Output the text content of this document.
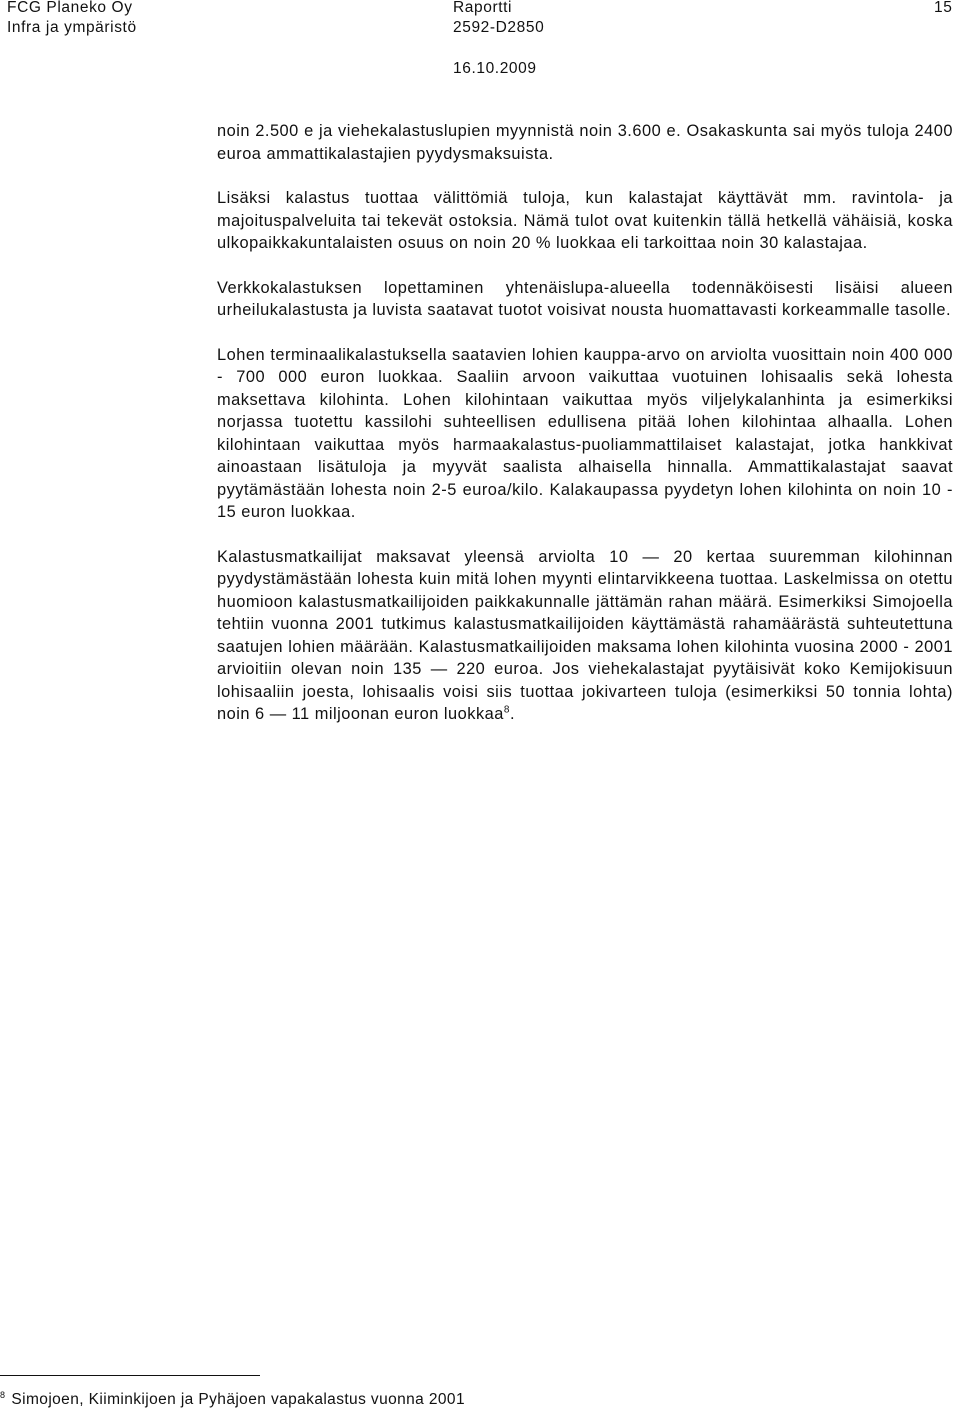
FCG Planeko Oy
Infra ja ympäristö
Raportti
2592-D2850
16.10.2009
15

noin 2.500 e ja viehekalastuslupien myynnistä noin 3.600 e. Osakaskunta sai myös tuloja 2400 euroa ammattikalastajien pyydysmaksuista.

Lisäksi kalastus tuottaa välittömiä tuloja, kun kalastajat käyttävät mm. ravintola- ja majoituspalveluita tai tekevät ostoksia. Nämä tulot ovat kuitenkin tällä hetkellä vähäisiä, koska ulkopaikkakuntalaisten osuus on noin 20 % luokkaa eli tarkoittaa noin 30 kalastajaa.

Verkkokalastuksen lopettaminen yhtenäislupa-alueella todennäköisesti lisäisi alueen urheilukalastusta ja luvista saatavat tuotot voisivat nousta huomattavasti korkeammalle tasolle.

Lohen terminaalikalastuksella saatavien lohien kauppa-arvo on arviolta vuosittain noin 400 000 - 700 000 euron luokkaa. Saaliin arvoon vaikuttaa vuotuinen lohisaalis sekä lohesta maksettava kilohinta. Lohen kilohintaan vaikuttaa myös viljelykalanhinta ja esimerkiksi norjassa tuotettu kassilohi suhteellisen edullisena pitää lohen kilohintaa alhaalla. Lohen kilohintaan vaikuttaa myös harmaakalastus-puoliammattilaiset kalastajat, jotka hankkivat ainoastaan lisätuloja ja myyvät saalista alhaisella hinnalla. Ammattikalastajat saavat pyytämästään lohesta noin 2-5 euroa/kilo. Kalakaupassa pyydetyn lohen kilohinta on noin 10 - 15 euron luokkaa.

Kalastusmatkailijat maksavat yleensä arviolta 10 — 20 kertaa suuremman kilohinnan pyydystämästään lohesta kuin mitä lohen myynti elintarvikkeena tuottaa. Laskelmissa on otettu huomioon kalastusmatkailijoiden paikkakunnalle jättämän rahan määrä. Esimerkiksi Simojoella tehtiin vuonna 2001 tutkimus kalastusmatkailijoiden käyttämästä rahamäärästä suhteutettuna saatujen lohien määrään. Kalastusmatkailijoiden maksama lohen kilohinta vuosina 2000 - 2001 arvioitiin olevan noin 135 — 220 euroa. Jos viehekalastajat pyytäisivät koko Kemijokisuun lohisaaliin joesta, lohisaalis voisi siis tuottaa jokivarteen tuloja (esimerkiksi 50 tonnia lohta) noin 6 — 11 miljoonan euron luokkaa$^8$.

$^8$ Simojoen, Kiiminkijoen ja Pyhäjoen vapakalastus vuonna 2001
